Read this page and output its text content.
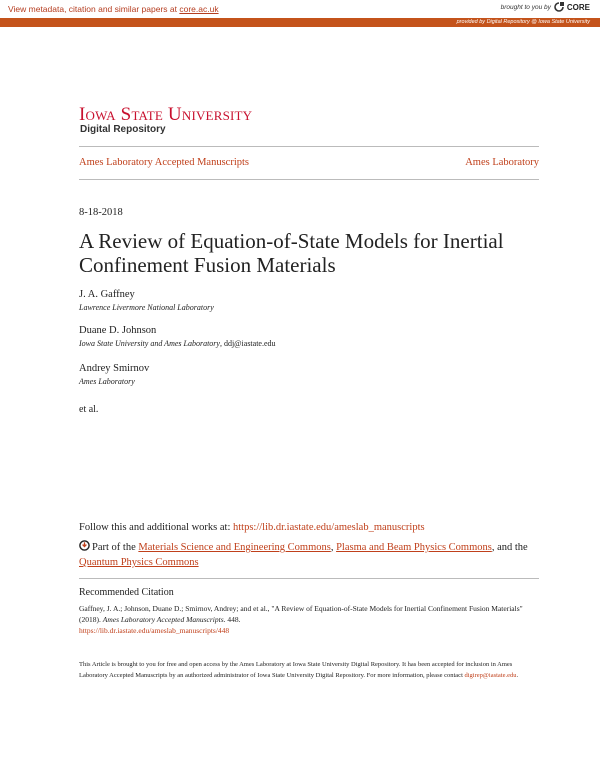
View metadata, citation and similar papers at core.ac.uk	brought to you by CORE
provided by Digital Repository @ Iowa State University
Iowa State University
Digital Repository
Ames Laboratory Accepted Manuscripts	Ames Laboratory
8-18-2018
A Review of Equation-of-State Models for Inertial Confinement Fusion Materials
J. A. Gaffney
Lawrence Livermore National Laboratory
Duane D. Johnson
Iowa State University and Ames Laboratory, ddj@iastate.edu
Andrey Smirnov
Ames Laboratory
et al.
Follow this and additional works at: https://lib.dr.iastate.edu/ameslab_manuscripts
Part of the Materials Science and Engineering Commons, Plasma and Beam Physics Commons, and the Quantum Physics Commons
Recommended Citation
Gaffney, J. A.; Johnson, Duane D.; Smirnov, Andrey; and et al., "A Review of Equation-of-State Models for Inertial Confinement Fusion Materials" (2018). Ames Laboratory Accepted Manuscripts. 448.
https://lib.dr.iastate.edu/ameslab_manuscripts/448
This Article is brought to you for free and open access by the Ames Laboratory at Iowa State University Digital Repository. It has been accepted for inclusion in Ames Laboratory Accepted Manuscripts by an authorized administrator of Iowa State University Digital Repository. For more information, please contact digirep@iastate.edu.
